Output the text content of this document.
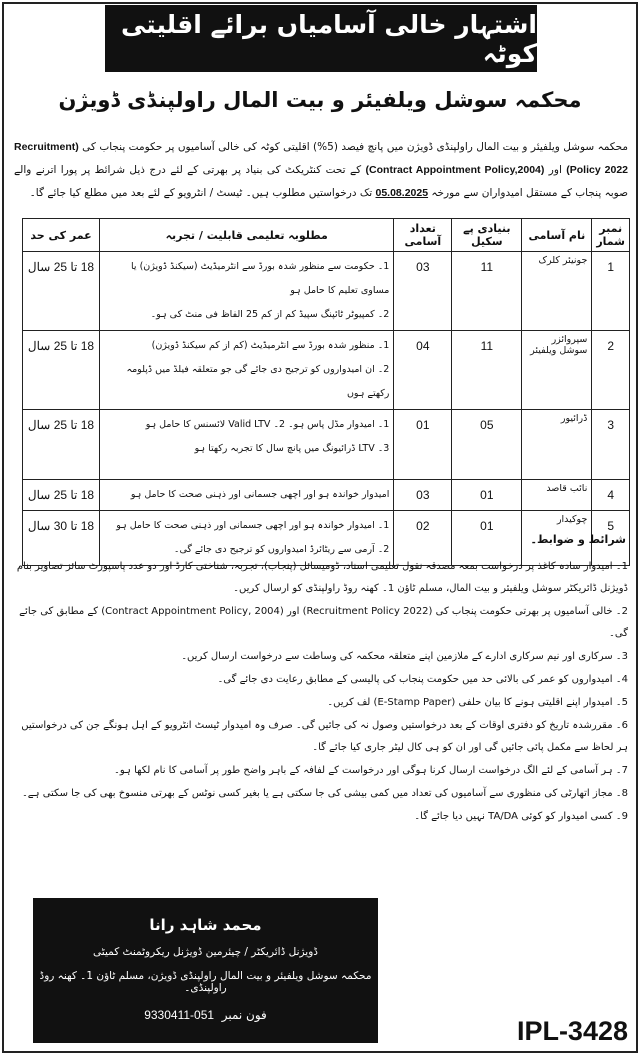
اشتہار خالی آسامیاں برائے اقلیتی کوٹہ
محکمہ سوشل ویلفیئر و بیت المال راولپنڈی ڈویژن
محکمہ سوشل ویلفیئر و بیت المال راولپنڈی ڈویژن میں پانچ فیصد (5%) اقلیتی کوٹہ کی خالی آسامیوں پر حکومت پنجاب کی (Recruitment Policy 2022) اور (Contract Appointment Policy,2004) کے تحت کنٹریکٹ کی بنیاد پر بھرتی کے لئے درج ذیل شرائط پر پورا اترنے والے صوبہ پنجاب کے مستقل امیدواران سے مورخہ 05.08.2025 تک درخواستیں مطلوب ہیں۔ ٹیسٹ / انٹرویو کے لئے بعد میں مطلع کیا جائے گا۔
نمبر شمار	نام آسامی	بنیادی پے سکیل	تعداد آسامی	مطلوبہ تعلیمی قابلیت / تجربہ	عمر کی حد
1	جونیئر کلرک	11	03	1۔ حکومت سے منظور شدہ بورڈ سے انٹرمیڈیٹ (سیکنڈ ڈویژن) یا مساوی تعلیم کا حامل ہو
2۔ کمپیوٹر ٹائپنگ سپیڈ کم از کم 25 الفاظ فی منٹ کی ہو۔	18 تا 25 سال
2	سپروائزر سوشل ویلفیئر	11	04	1۔ منظور شدہ بورڈ سے انٹرمیڈیٹ (کم از کم سیکنڈ ڈویژن)
2۔ ان امیدواروں کو ترجیح دی جائے گی جو متعلقہ فیلڈ میں ڈپلومہ رکھتے ہوں	18 تا 25 سال
3	ڈرائیور	05	01	1۔ امیدوار مڈل پاس ہو۔ 2۔ Valid LTV لائسنس کا حامل ہو
3۔ LTV ڈرائیونگ میں پانچ سال کا تجربہ رکھتا ہو	18 تا 25 سال
4	نائب قاصد	01	03	امیدوار خواندہ ہو اور اچھی جسمانی اور ذہنی صحت کا حامل ہو	18 تا 25 سال
5	چوکیدار	01	02	1۔ امیدوار خواندہ ہو اور اچھی جسمانی اور ذہنی صحت کا حامل ہو
2۔ آرمی سے ریٹائرڈ امیدواروں کو ترجیح دی جائے گی۔	18 تا 30 سال
شرائط و ضوابط۔
1۔ امیدوار سادہ کاغذ پر درخواست بمعہ مصدقہ نقول تعلیمی اسناد، ڈومیسائل (پنجاب)، تجربہ، شناختی کارڈ اور دو عدد پاسپورٹ سائز تصاویر بنام ڈویژنل ڈائریکٹر سوشل ویلفیئر و بیت المال، مسلم ٹاؤن 1۔ کھنہ روڈ راولپنڈی کو ارسال کریں۔
2۔ خالی آسامیوں پر بھرتی حکومت پنجاب کی (Recruitment Policy 2022) اور (Contract Appointment Policy, 2004) کے مطابق کی جائے گی۔
3۔ سرکاری اور نیم سرکاری ادارے کے ملازمین اپنے متعلقہ محکمہ کی وساطت سے درخواست ارسال کریں۔
4۔ امیدواروں کو عمر کی بالائی حد میں حکومت پنجاب کی پالیسی کے مطابق رعایت دی جائے گی۔
5۔ امیدوار اپنے اقلیتی ہونے کا بیان حلفی (E-Stamp Paper) لف کریں۔
6۔ مقررشدہ تاریخ کو دفتری اوقات کے بعد درخواستیں وصول نہ کی جائیں گی۔ صرف وہ امیدوار ٹیسٹ انٹرویو کے اہل ہونگے جن کی درخواستیں ہر لحاظ سے مکمل پائی جائیں گی اور ان کو ہی کال لیٹر جاری کیا جائے گا۔
7۔ ہر آسامی کے لئے الگ درخواست ارسال کرنا ہوگی اور درخواست کے لفافہ کے باہر واضح طور پر آسامی کا نام لکھا ہو۔
8۔ مجاز اتھارٹی کی منظوری سے آسامیوں کی تعداد میں کمی بیشی کی جا سکتی ہے یا بغیر کسی نوٹس کے بھرتی منسوخ بھی کی جا سکتی ہے۔
9۔ کسی امیدوار کو کوئی TA/DA نہیں دیا جائے گا۔
محمد شاہد رانا
ڈویژنل ڈائریکٹر / چیئرمین ڈویژنل ریکروٹمنٹ کمیٹی
محکمہ سوشل ویلفیئر و بیت المال راولپنڈی ڈویژن، مسلم ٹاؤن 1۔ کھنہ روڈ راولپنڈی۔
فون نمبر  051-9330411
IPL-3428
